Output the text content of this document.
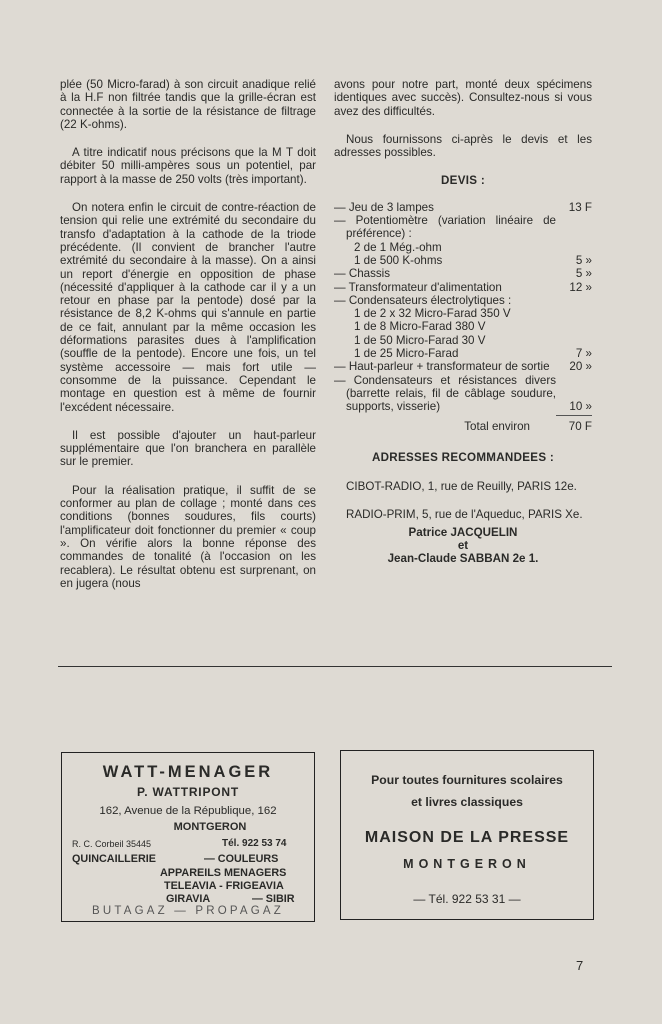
plée (50 Micro-farad) à son circuit anadique relié à la H.F non filtrée tandis que la grille-écran est connectée à la sortie de la résistance de filtrage (22 K-ohms).

A titre indicatif nous précisons que la M T doit débiter 50 milli-ampères sous un potentiel, par rapport à la masse de 250 volts (très important).

On notera enfin le circuit de contre-réaction de tension qui relie une extrémité du secondaire du transfo d'adaptation à la cathode de la triode précédente. (Il convient de brancher l'autre extrémité du secondaire à la masse). On a ainsi un report d'énergie en opposition de phase (nécessité d'appliquer à la cathode car il y a un retour en phase par la pentode) dosé par la résistance de 8,2 K-ohms qui s'annule en partie de ce fait, annulant par la même occasion les déformations parasites dues à l'amplification (souffle de la pentode). Encore une fois, un tel système accessoire — mais fort utile — consomme de la puissance. Cependant le montage en question est à même de fournir l'excédent nécessaire.

Il est possible d'ajouter un haut-parleur supplémentaire que l'on branchera en parallèle sur le premier.

Pour la réalisation pratique, il suffit de se conformer au plan de collage ; monté dans ces conditions (bonnes soudures, fils courts) l'amplificateur doit fonctionner du premier « coup ». On vérifie alors la bonne réponse des commandes de tonalité (à l'occasion on les recablera). Le résultat obtenu est surprenant, on en jugera (nous

avons pour notre part, monté deux spécimens identiques avec succès). Consultez-nous si vous avez des difficultés.

Nous fournissons ci-après le devis et les adresses possibles.

DEVIS :
— Jeu de 3 lampes	13 F
— Potentiomètre (variation linéaire de préférence) :
2 de 1 Még.-ohm
1 de 500 K-ohms	5 »
— Chassis	5 »
— Transformateur d'alimentation	12 »
— Condensateurs électrolytiques :
1 de 2 x 32 Micro-Farad 350 V
1 de 8 Micro-Farad 380 V
1 de 50 Micro-Farad 30 V
1 de 25 Micro-Farad	7 »
— Haut-parleur + transformateur de sortie	20 »
— Condensateurs et résistances divers (barrette relais, fil de câblage soudure, supports, visserie)	10 »
Total environ	70 F
ADRESSES RECOMMANDEES :

CIBOT-RADIO, 1, rue de Reuilly, PARIS 12e.

RADIO-PRIM, 5, rue de l'Aqueduc, PARIS Xe.

Patrice JACQUELIN
et
Jean-Claude SABBAN 2e 1.
WATT-MENAGER
P. WATTRIPONT
162, Avenue de la République, 162
MONTGERON
R. C. Corbeil 35445	Tél. 922 53 74
QUINCAILLERIE	— COULEURS
APPAREILS MENAGERS
TELEAVIA - FRIGEAVIA
GIRAVIA	— SIBIR
BUTAGAZ — PROPAGAZ
Pour toutes fournitures scolaires
et livres classiques
MAISON DE LA PRESSE
MONTGERON
— Tél. 922 53 31 —
7
